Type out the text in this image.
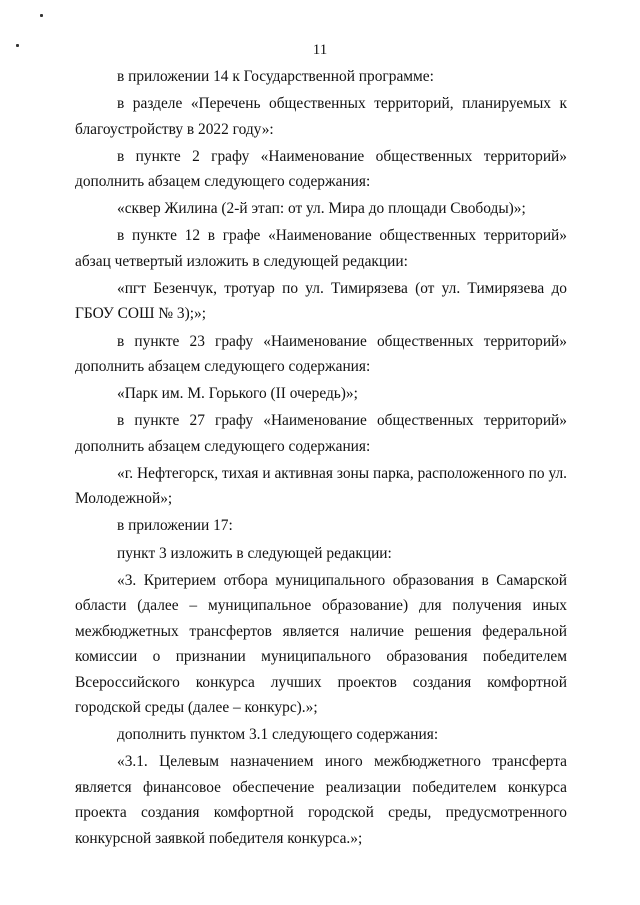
11

в приложении 14 к Государственной программе:

в разделе «Перечень общественных территорий, планируемых к благоустройству в 2022 году»:

в пункте 2 графу «Наименование общественных территорий» дополнить абзацем следующего содержания:

«сквер Жилина (2-й этап: от ул. Мира до площади Свободы)»;

в пункте 12 в графе «Наименование общественных территорий» абзац четвертый изложить в следующей редакции:

«пгт Безенчук, тротуар по ул. Тимирязева (от ул. Тимирязева до ГБОУ СОШ № 3);»;

в пункте 23 графу «Наименование общественных территорий» дополнить абзацем следующего содержания:

«Парк им. М. Горького (II очередь)»;

в пункте 27 графу «Наименование общественных территорий» дополнить абзацем следующего содержания:

«г. Нефтегорск, тихая и активная зоны парка, расположенного по ул. Молодежной»;

в приложении 17:

пункт 3 изложить в следующей редакции:

«3. Критерием отбора муниципального образования в Самарской области (далее – муниципальное образование) для получения иных межбюджетных трансфертов является наличие решения федеральной комиссии о признании муниципального образования победителем Всероссийского конкурса лучших проектов создания комфортной городской среды (далее – конкурс).»;

дополнить пунктом 3.1 следующего содержания:

«3.1. Целевым назначением иного межбюджетного трансферта является финансовое обеспечение реализации победителем конкурса проекта создания комфортной городской среды, предусмотренного конкурсной заявкой победителя конкурса.»;
